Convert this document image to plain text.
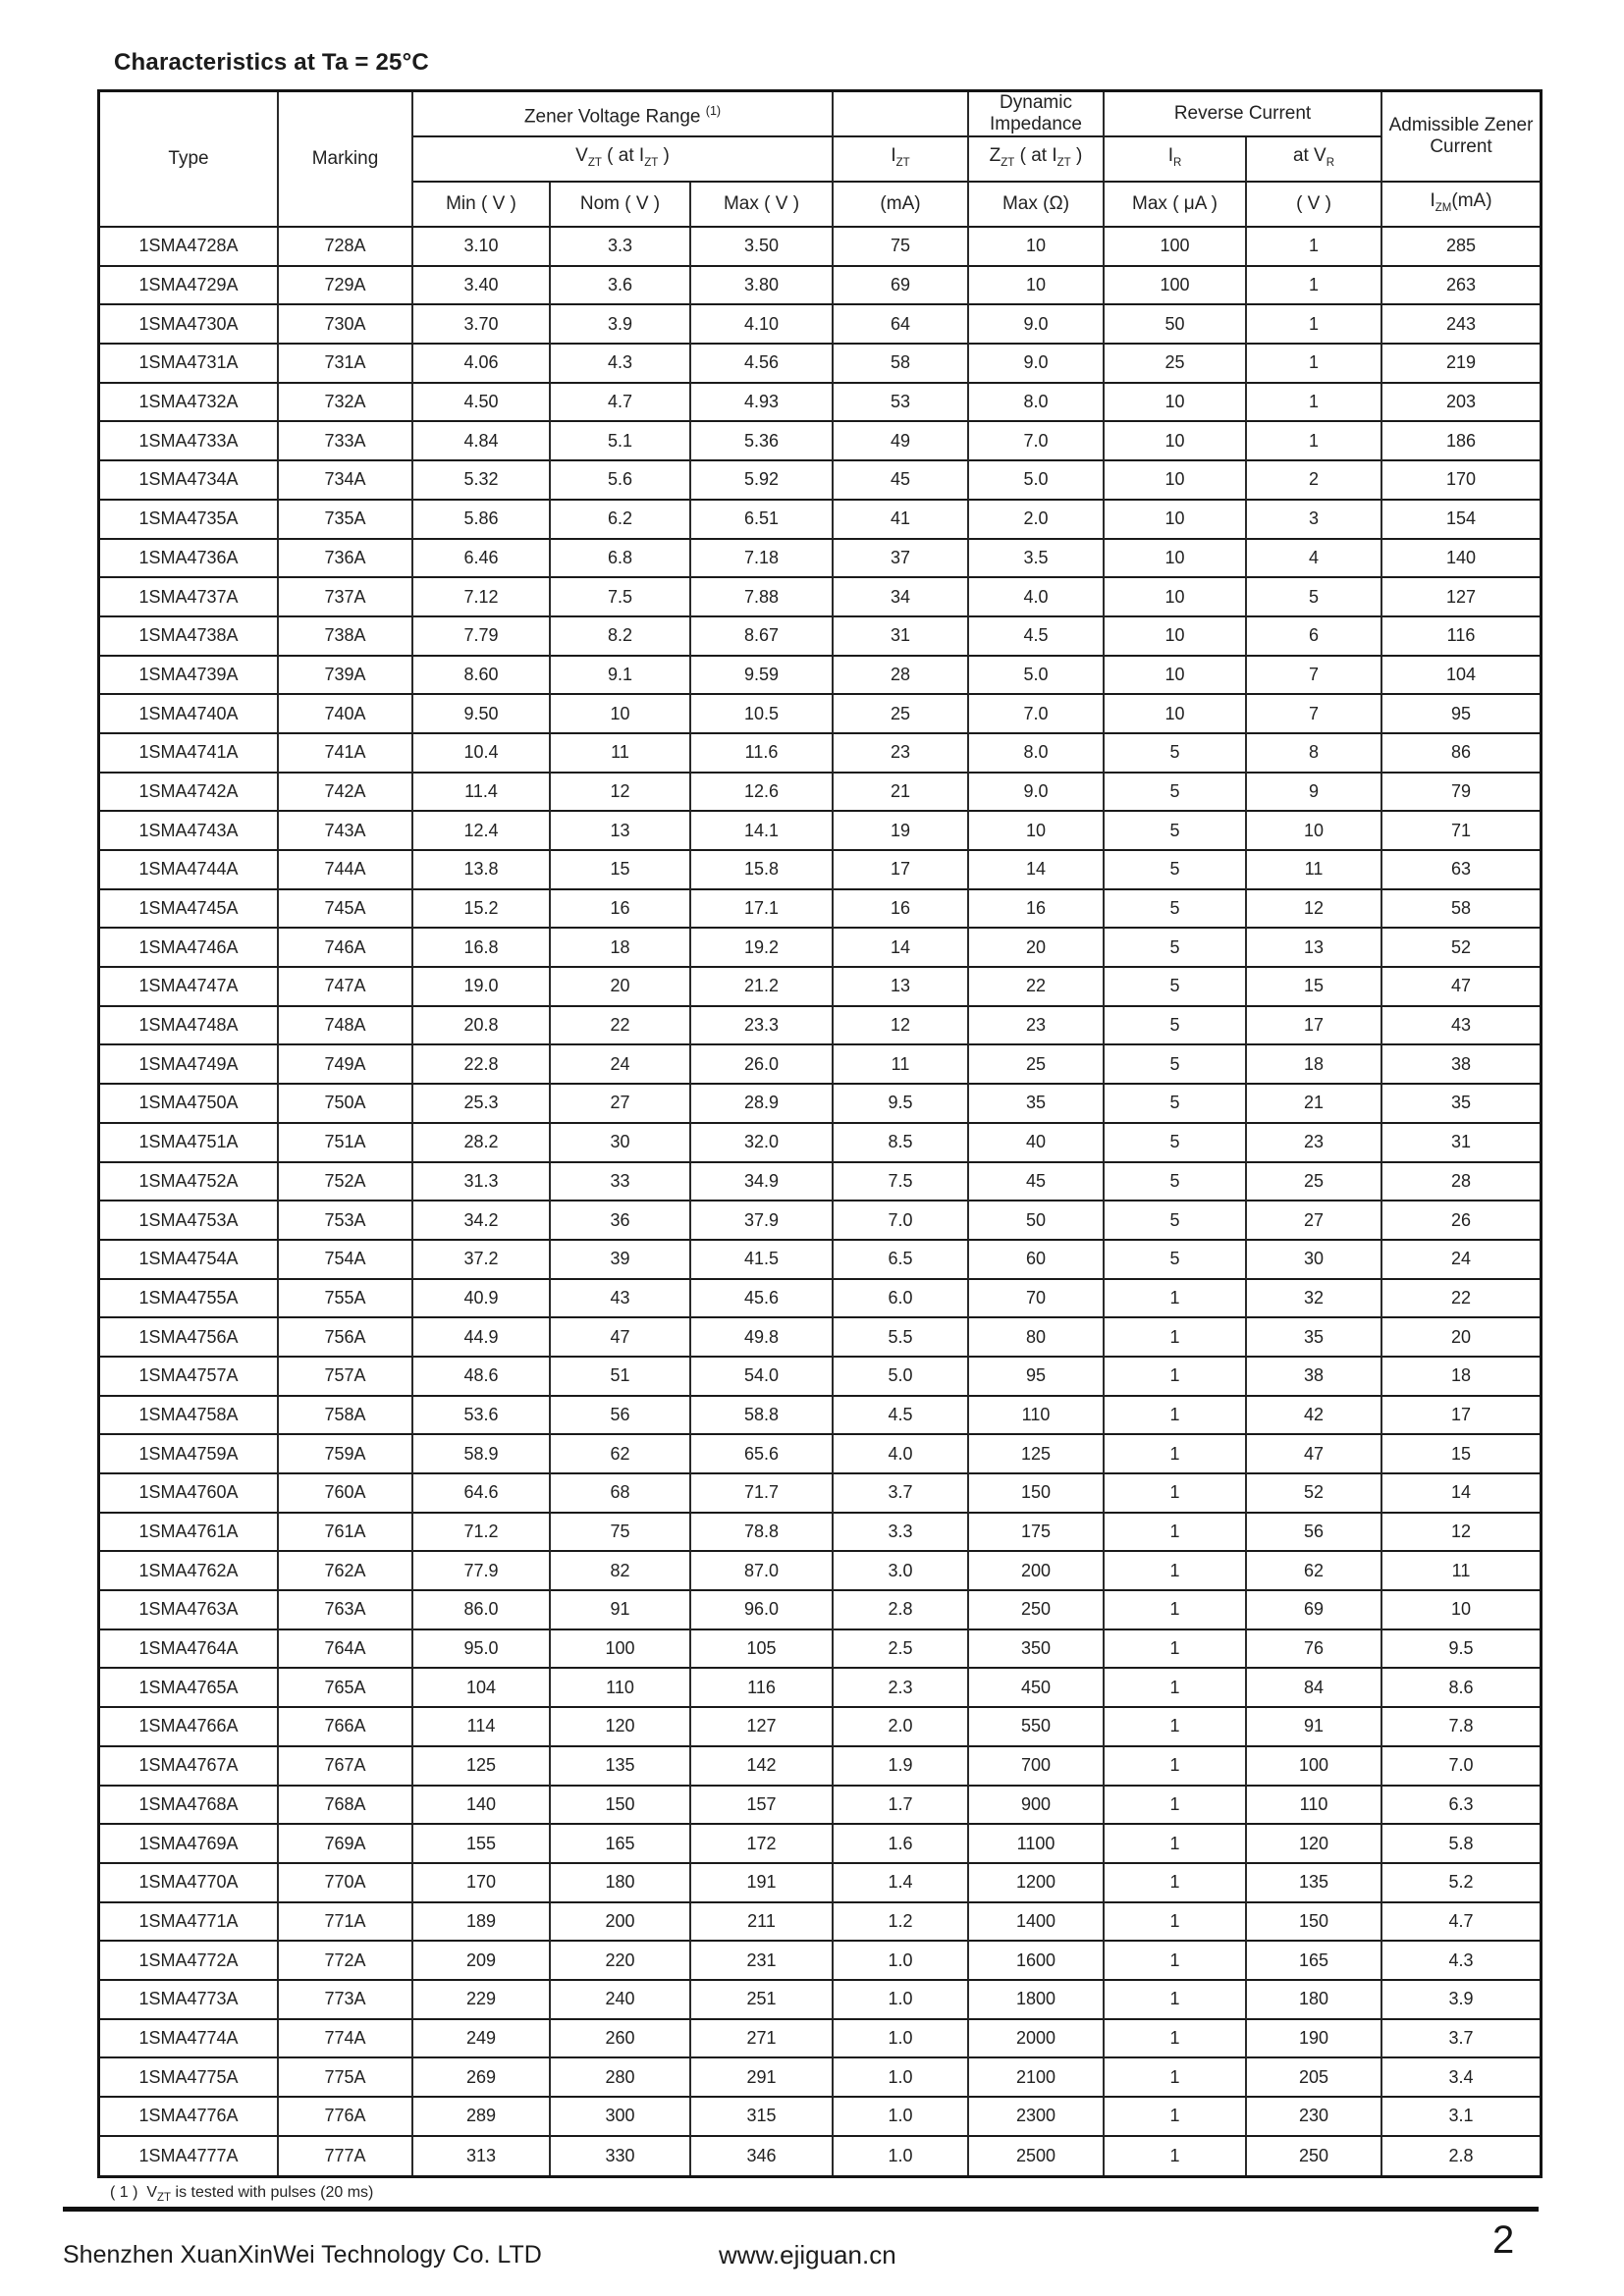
Characteristics at Ta = 25°C
Type	Marking	Zener Voltage Range $^{(1)}$				Dynamic Impedance	Reverse Current		Admissible Zener Current
		$V_{ZT}$ ( at $I_{ZT}$ )			$I_{ZT}$	$Z_{ZT}$ ( at $I_{ZT}$ )	$I_R$	at $V_R$
		Min ( V )	Nom ( V )	Max ( V )	(mA)	Max (Ω)	Max ( μA )	( V )	$I_{ZM}(mA)$
1SMA4728A	728A	3.10	3.3	3.50	75	10	100	1	285
1SMA4729A	729A	3.40	3.6	3.80	69	10	100	1	263
1SMA4730A	730A	3.70	3.9	4.10	64	9.0	50	1	243
1SMA4731A	731A	4.06	4.3	4.56	58	9.0	25	1	219
1SMA4732A	732A	4.50	4.7	4.93	53	8.0	10	1	203
1SMA4733A	733A	4.84	5.1	5.36	49	7.0	10	1	186
1SMA4734A	734A	5.32	5.6	5.92	45	5.0	10	2	170
1SMA4735A	735A	5.86	6.2	6.51	41	2.0	10	3	154
1SMA4736A	736A	6.46	6.8	7.18	37	3.5	10	4	140
1SMA4737A	737A	7.12	7.5	7.88	34	4.0	10	5	127
1SMA4738A	738A	7.79	8.2	8.67	31	4.5	10	6	116
1SMA4739A	739A	8.60	9.1	9.59	28	5.0	10	7	104
1SMA4740A	740A	9.50	10	10.5	25	7.0	10	7	95
1SMA4741A	741A	10.4	11	11.6	23	8.0	5	8	86
1SMA4742A	742A	11.4	12	12.6	21	9.0	5	9	79
1SMA4743A	743A	12.4	13	14.1	19	10	5	10	71
1SMA4744A	744A	13.8	15	15.8	17	14	5	11	63
1SMA4745A	745A	15.2	16	17.1	16	16	5	12	58
1SMA4746A	746A	16.8	18	19.2	14	20	5	13	52
1SMA4747A	747A	19.0	20	21.2	13	22	5	15	47
1SMA4748A	748A	20.8	22	23.3	12	23	5	17	43
1SMA4749A	749A	22.8	24	26.0	11	25	5	18	38
1SMA4750A	750A	25.3	27	28.9	9.5	35	5	21	35
1SMA4751A	751A	28.2	30	32.0	8.5	40	5	23	31
1SMA4752A	752A	31.3	33	34.9	7.5	45	5	25	28
1SMA4753A	753A	34.2	36	37.9	7.0	50	5	27	26
1SMA4754A	754A	37.2	39	41.5	6.5	60	5	30	24
1SMA4755A	755A	40.9	43	45.6	6.0	70	1	32	22
1SMA4756A	756A	44.9	47	49.8	5.5	80	1	35	20
1SMA4757A	757A	48.6	51	54.0	5.0	95	1	38	18
1SMA4758A	758A	53.6	56	58.8	4.5	110	1	42	17
1SMA4759A	759A	58.9	62	65.6	4.0	125	1	47	15
1SMA4760A	760A	64.6	68	71.7	3.7	150	1	52	14
1SMA4761A	761A	71.2	75	78.8	3.3	175	1	56	12
1SMA4762A	762A	77.9	82	87.0	3.0	200	1	62	11
1SMA4763A	763A	86.0	91	96.0	2.8	250	1	69	10
1SMA4764A	764A	95.0	100	105	2.5	350	1	76	9.5
1SMA4765A	765A	104	110	116	2.3	450	1	84	8.6
1SMA4766A	766A	114	120	127	2.0	550	1	91	7.8
1SMA4767A	767A	125	135	142	1.9	700	1	100	7.0
1SMA4768A	768A	140	150	157	1.7	900	1	110	6.3
1SMA4769A	769A	155	165	172	1.6	1100	1	120	5.8
1SMA4770A	770A	170	180	191	1.4	1200	1	135	5.2
1SMA4771A	771A	189	200	211	1.2	1400	1	150	4.7
1SMA4772A	772A	209	220	231	1.0	1600	1	165	4.3
1SMA4773A	773A	229	240	251	1.0	1800	1	180	3.9
1SMA4774A	774A	249	260	271	1.0	2000	1	190	3.7
1SMA4775A	775A	269	280	291	1.0	2100	1	205	3.4
1SMA4776A	776A	289	300	315	1.0	2300	1	230	3.1
1SMA4777A	777A	313	330	346	1.0	2500	1	250	2.8
( 1 )  $V_{ZT}$ is tested with pulses (20 ms)
Shenzhen XuanXinWei Technology Co. LTD	www.ejiguan.cn	2
